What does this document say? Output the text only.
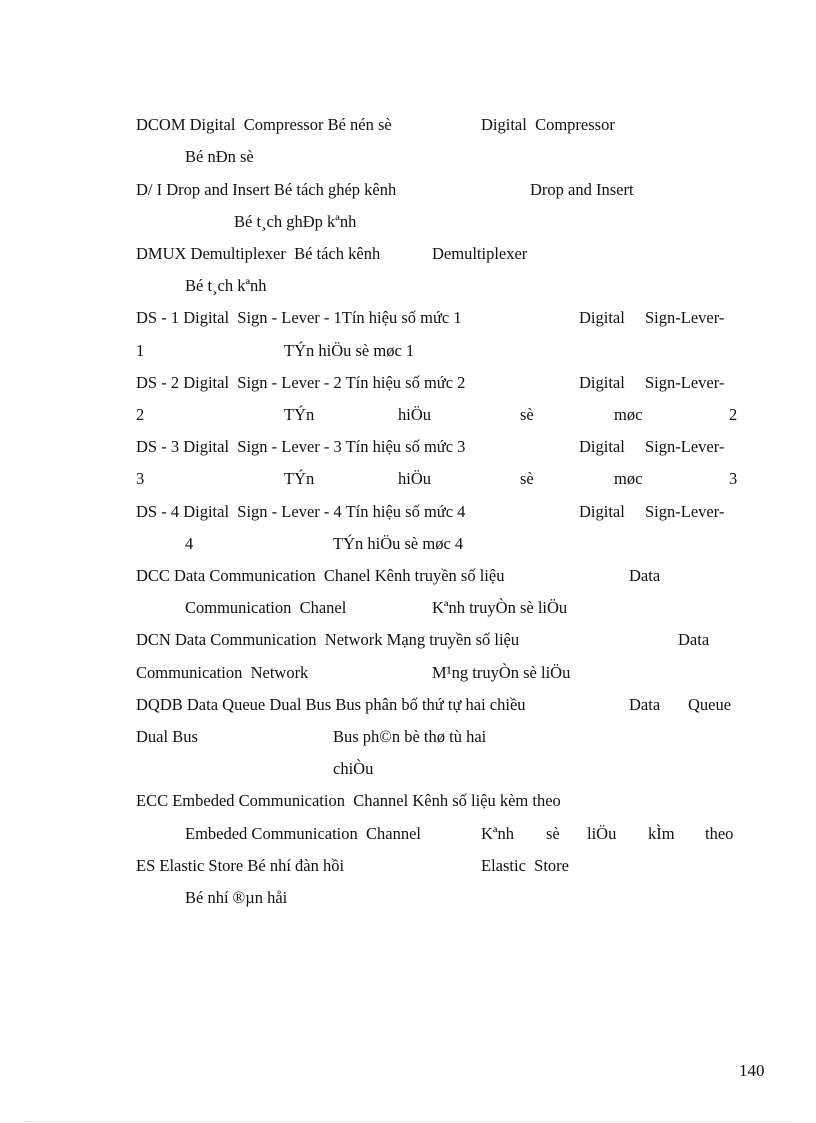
DCOM Digital  Compressor Bé nén sè	Digital  Compressor
Bé nÐn sè
D/ I Drop and Insert Bé tách ghép kênh	Drop and Insert
Bé t¸ch ghÐp kªnh
DMUX Demultiplexer  Bé tách kênh	Demultiplexer
Bé t¸ch kªnh
DS - 1 Digital  Sign - Lever - 1Tín hiệu số mức 1	Digital Sign-Lever-
1	TÝn hiÖu sè møc 1
DS - 2 Digital  Sign - Lever - 2 Tín hiệu số mức 2	Digital Sign-Lever-
2	TÝn	hiÖu	sè	møc	2
DS - 3 Digital  Sign - Lever - 3 Tín hiệu số mức 3	Digital Sign-Lever-
3	TÝn	hiÖu	sè	møc	3
DS - 4 Digital  Sign - Lever - 4 Tín hiệu số mức 4	Digital Sign-Lever-
4	TÝn hiÖu sè møc 4
DCC Data Communication  Chanel Kênh truyền số liệu	Data
Communication  Chanel	Kªnh truyÒn sè liÖu
DCN Data Communication  Network Mạng truyền số liệu	Data
Communication  Network	M¹ng truyÒn sè liÖu
DQDB Data Queue Dual Bus Bus phân bố thứ tự hai chiều	Data Queue
Dual Bus	Bus ph©n bè thø tù hai
chiÒu
ECC Embeded Communication  Channel Kênh số liệu kèm theo
Embeded Communication  Channel	Kªnh sè liÖu kÌm theo
ES Elastic Store Bé nhí đàn hồi	Elastic  Store
Bé nhí ®µn håi
140
